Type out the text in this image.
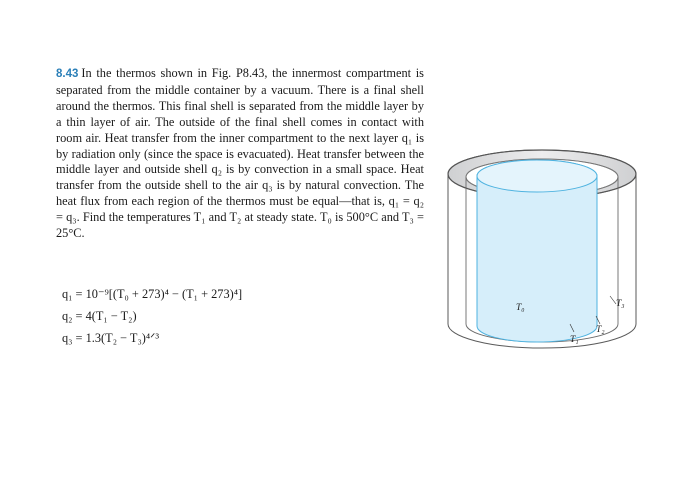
8.43 In the thermos shown in Fig. P8.43, the innermost compartment is separated from the middle container by a vacuum. There is a final shell around the thermos. This final shell is separated from the middle layer by a thin layer of air. The outside of the final shell comes in contact with room air. Heat transfer from the inner compartment to the next layer q₁ is by radiation only (since the space is evacuated). Heat transfer between the middle layer and outside shell q₂ is by convection in a small space. Heat transfer from the outside shell to the air q₃ is by natural convection. The heat flux from each region of the thermos must be equal—that is, q₁ = q₂ = q₃. Find the temperatures T₁ and T₂ at steady state. T₀ is 500°C and T₃ = 25°C.

q₁ = 10⁻⁹[(T₀ + 273)⁴ − (T₁ + 273)⁴]
q₂ = 4(T₁ − T₂)
q₃ = 1.3(T₂ − T₃)⁴ᐟ³
T₀
T₁
T₂
T₃
